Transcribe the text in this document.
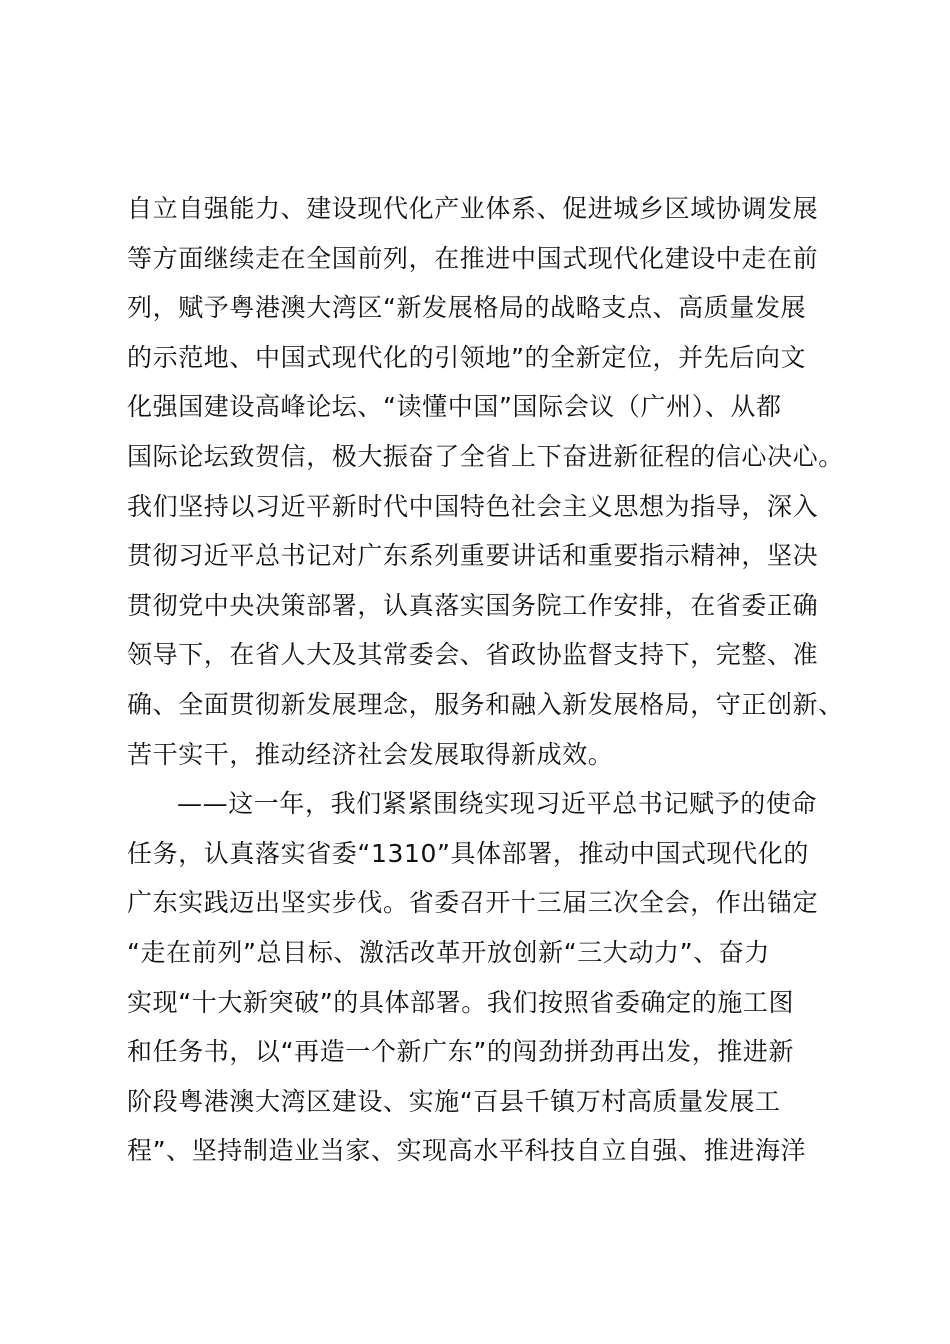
自立自强能力、建设现代化产业体系、促进城乡区域协调发展
等方面继续走在全国前列，在推进中国式现代化建设中走在前
列，赋予粤港澳大湾区“新发展格局的战略支点、高质量发展
的示范地、中国式现代化的引领地”的全新定位，并先后向文
化强国建设高峰论坛、“读懂中国”国际会议（广州）、从都
国际论坛致贺信，极大振奋了全省上下奋进新征程的信心决心。
我们坚持以习近平新时代中国特色社会主义思想为指导，深入
贯彻习近平总书记对广东系列重要讲话和重要指示精神，坚决
贯彻党中央决策部署，认真落实国务院工作安排，在省委正确
领导下，在省人大及其常委会、省政协监督支持下，完整、准
确、全面贯彻新发展理念，服务和融入新发展格局，守正创新、
苦干实干，推动经济社会发展取得新成效。
——这一年，我们紧紧围绕实现习近平总书记赋予的使命
任务，认真落实省委“1310”具体部署，推动中国式现代化的
广东实践迈出坚实步伐。省委召开十三届三次全会，作出锚定
“走在前列”总目标、激活改革开放创新“三大动力”、奋力
实现“十大新突破”的具体部署。我们按照省委确定的施工图
和任务书，以“再造一个新广东”的闯劲拼劲再出发，推进新
阶段粤港澳大湾区建设、实施“百县千镇万村高质量发展工
程”、坚持制造业当家、实现高水平科技自立自强、推进海洋
